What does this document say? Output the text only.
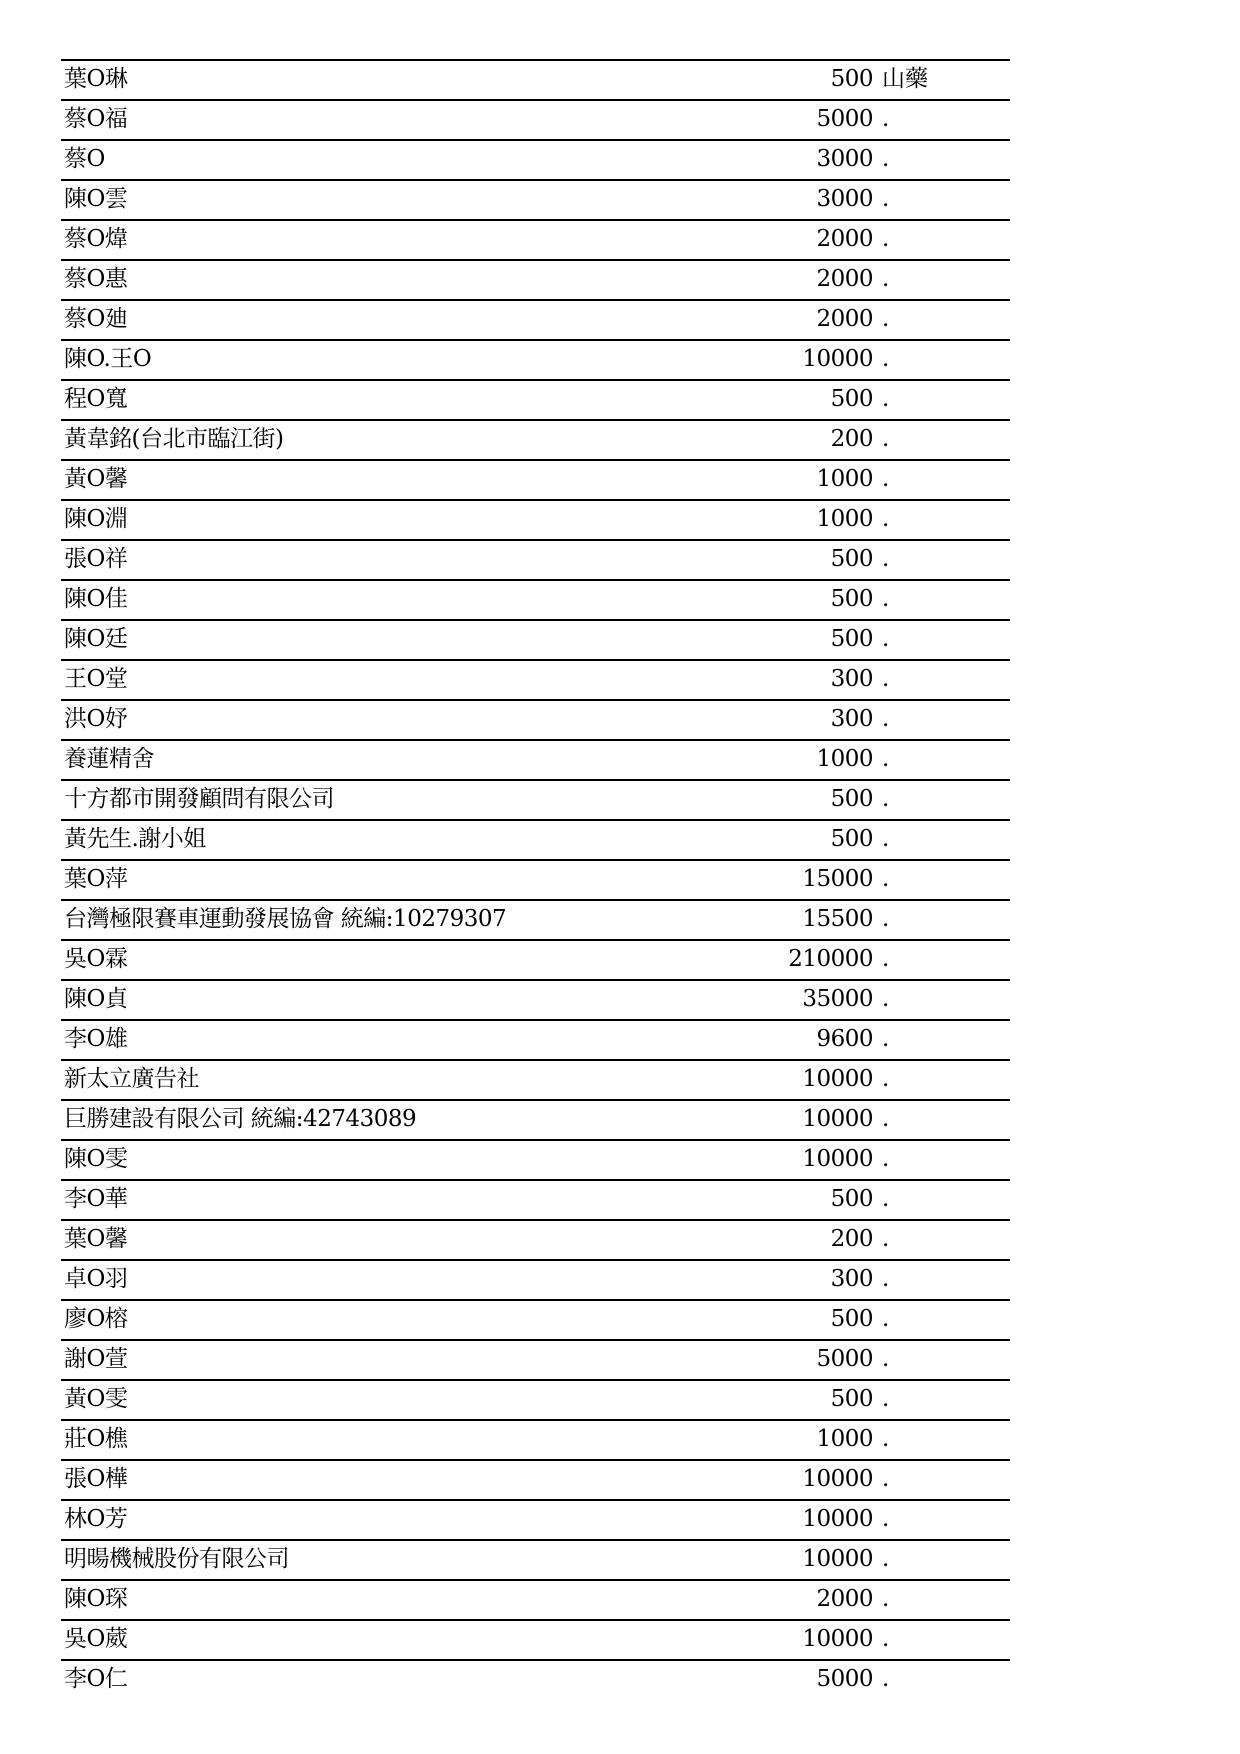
葉O琳	500 山藥
蔡O福	5000 .
蔡O	3000 .
陳O雲	3000 .
蔡O煒	2000 .
蔡O惠	2000 .
蔡O廸	2000 .
陳O.王O	10000 .
程O寬	500 .
黃韋銘(台北市臨江街)	200 .
黃O馨	1000 .
陳O淵	1000 .
張O祥	500 .
陳O佳	500 .
陳O廷	500 .
王O堂	300 .
洪O妤	300 .
養蓮精舍	1000 .
十方都市開發顧問有限公司	500 .
黃先生.謝小姐	500 .
葉O萍	15000 .
台灣極限賽車運動發展協會 統編:10279307	15500 .
吳O霖	210000 .
陳O貞	35000 .
李O雄	9600 .
新太立廣告社	10000 .
巨勝建設有限公司 統編:42743089	10000 .
陳O雯	10000 .
李O華	500 .
葉O馨	200 .
卓O羽	300 .
廖O榕	500 .
謝O萱	5000 .
黃O雯	500 .
莊O樵	1000 .
張O樺	10000 .
林O芳	10000 .
明暘機械股份有限公司	10000 .
陳O琛	2000 .
吳O葳	10000 .
李O仁	5000 .
